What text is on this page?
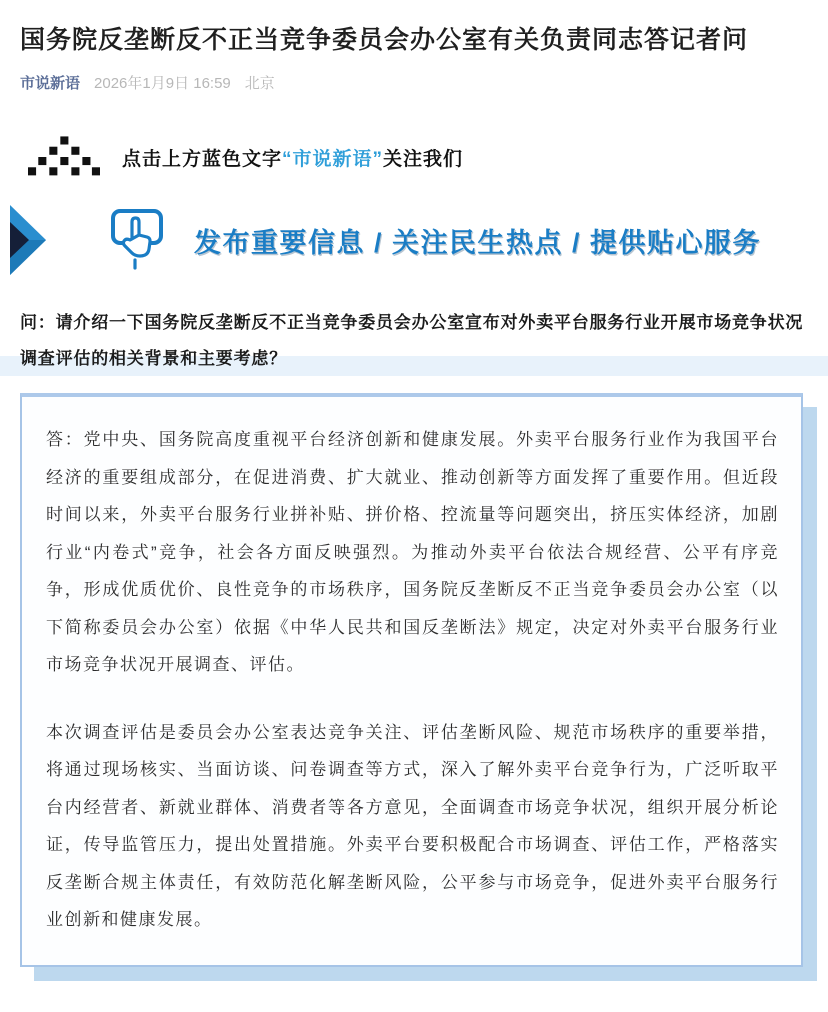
国务院反垄断反不正当竞争委员会办公室有关负责同志答记者问
市说新语 2026年1月9日 16:59 北京
点击上方蓝色文字“市说新语”关注我们
发布重要信息 / 关注民生热点 / 提供贴心服务
问：请介绍一下国务院反垄断反不正当竞争委员会办公室宣布对外卖平台服务行业开展市场竞争状况调查评估的相关背景和主要考虑？

答：党中央、国务院高度重视平台经济创新和健康发展。外卖平台服务行业作为我国平台经济的重要组成部分，在促进消费、扩大就业、推动创新等方面发挥了重要作用。但近段时间以来，外卖平台服务行业拼补贴、拼价格、控流量等问题突出，挤压实体经济，加剧行业“内卷式”竞争，社会各方面反映强烈。为推动外卖平台依法合规经营、公平有序竞争，形成优质优价、良性竞争的市场秩序，国务院反垄断反不正当竞争委员会办公室（以下简称委员会办公室）依据《中华人民共和国反垄断法》规定，决定对外卖平台服务行业市场竞争状况开展调查、评估。

本次调查评估是委员会办公室表达竞争关注、评估垄断风险、规范市场秩序的重要举措，将通过现场核实、当面访谈、问卷调查等方式，深入了解外卖平台竞争行为，广泛听取平台内经营者、新就业群体、消费者等各方意见，全面调查市场竞争状况，组织开展分析论证，传导监管压力，提出处置措施。外卖平台要积极配合市场调查、评估工作，严格落实反垄断合规主体责任，有效防范化解垄断风险，公平参与市场竞争，促进外卖平台服务行业创新和健康发展。
